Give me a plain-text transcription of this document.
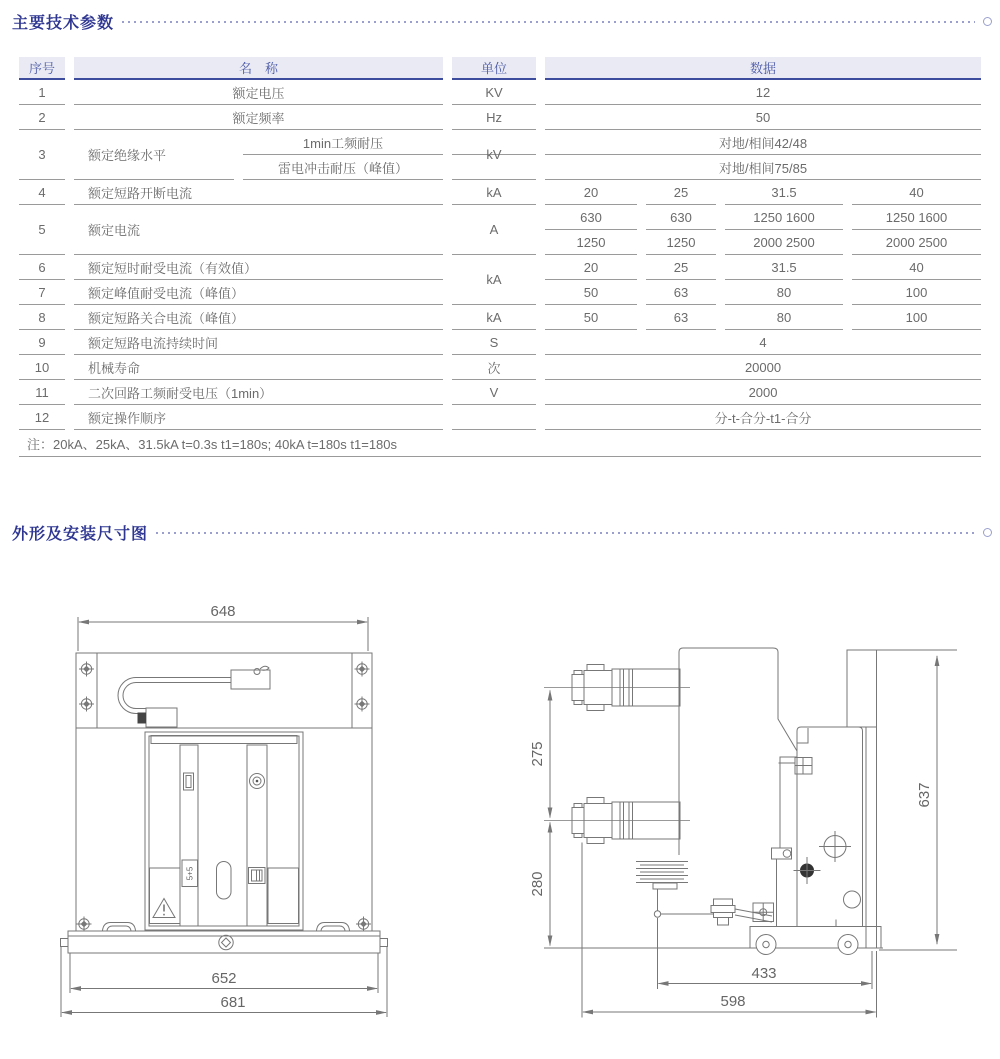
主要技术参数
序号	名　称		单位	数据			
1	额定电压		KV	12			
2	额定频率		Hz	50			
3	额定绝缘水平	1min工频耐压	kV	对地/相间42/48			
		雷电冲击耐压（峰值）		对地/相间75/85			
4	额定短路开断电流		kA	20	25	31.5	40
5	额定电流		A	630	630	1250 1600	1250 1600
				1250	1250	2000 2500	2000 2500
6	额定短时耐受电流（有效值）		kA	20	25	31.5	40
7	额定峰值耐受电流（峰值）			50	63	80	100
8	额定短路关合电流（峰值）		kA	50	63	80	100
9	额定短路电流持续时间		S	4			
10	机械寿命		次	20000			
11	二次回路工频耐受电压（1min）		V	2000			
12	额定操作顺序			分-t-合分-t1-合分			
注：20kA、25kA、31.5kA t=0.3s t1=180s; 40kA t=180s t1=180s							
外形及安装尺寸图
5+5
648
652
681
275
280
637
433
598
